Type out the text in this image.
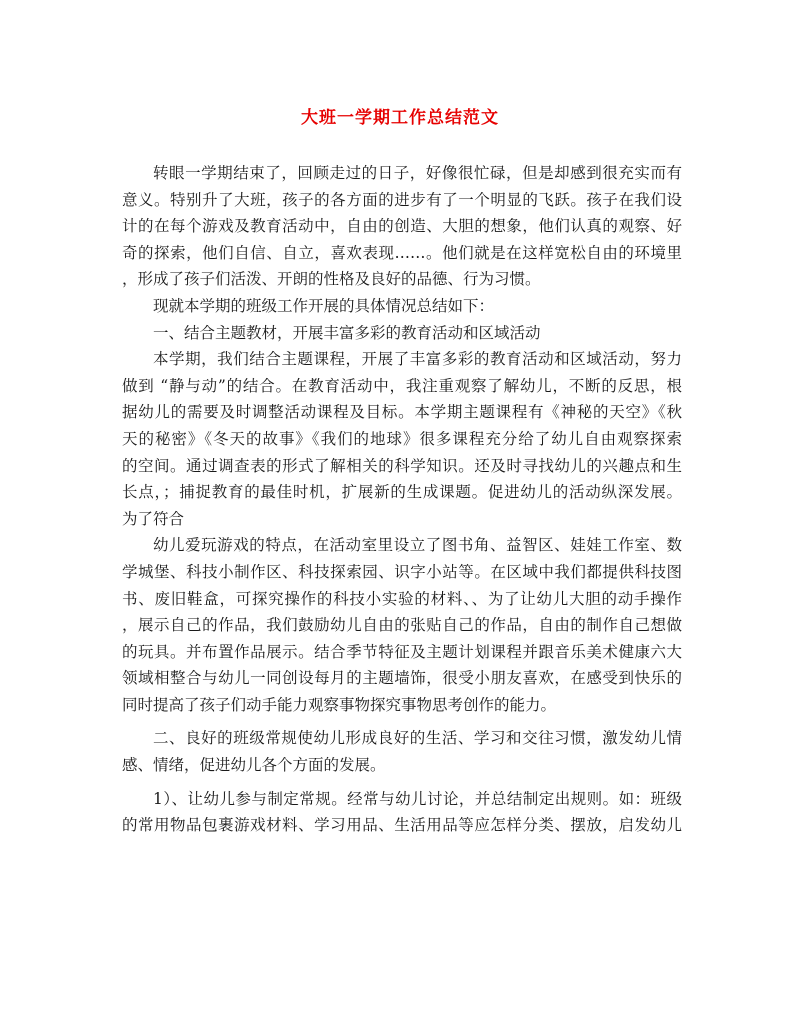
大班一学期工作总结范文
转眼一学期结束了，回顾走过的日子，好像很忙碌，但是却感到很充实而有
意义。特别升了大班，孩子的各方面的进步有了一个明显的飞跃。孩子在我们设
计的在每个游戏及教育活动中，自由的创造、大胆的想象，他们认真的观察、好
奇的探索，他们自信、自立，喜欢表现……。他们就是在这样宽松自由的环境里
，形成了孩子们活泼、开朗的性格及良好的品德、行为习惯。
现就本学期的班级工作开展的具体情况总结如下：
一、结合主题教材，开展丰富多彩的教育活动和区域活动
本学期，我们结合主题课程，开展了丰富多彩的教育活动和区域活动，努力
做到 “静与动”的结合。在教育活动中，我注重观察了解幼儿，不断的反思，根
据幼儿的需要及时调整活动课程及目标。本学期主题课程有《神秘的天空》《秋
天的秘密》《冬天的故事》《我们的地球》很多课程充分给了幼儿自由观察探索
的空间。通过调查表的形式了解相关的科学知识。还及时寻找幼儿的兴趣点和生
长点，；捕捉教育的最佳时机，扩展新的生成课题。促进幼儿的活动纵深发展。
为了符合
幼儿爱玩游戏的特点，在活动室里设立了图书角、益智区、娃娃工作室、数
学城堡、科技小制作区、科技探索园、识字小站等。在区域中我们都提供科技图
书、废旧鞋盒，可探究操作的科技小实验的材料、、为了让幼儿大胆的动手操作
，展示自己的作品，我们鼓励幼儿自由的张贴自己的作品，自由的制作自己想做
的玩具。并布置作品展示。结合季节特征及主题计划课程并跟音乐美术健康六大
领域相整合与幼儿一同创设每月的主题墙饰，很受小朋友喜欢，在感受到快乐的
同时提高了孩子们动手能力观察事物探究事物思考创作的能力。
二、良好的班级常规使幼儿形成良好的生活、学习和交往习惯，激发幼儿情
感、情绪，促进幼儿各个方面的发展。
1）、让幼儿参与制定常规。经常与幼儿讨论，并总结制定出规则。如：班级
的常用物品包裹游戏材料、学习用品、生活用品等应怎样分类、摆放，启发幼儿
